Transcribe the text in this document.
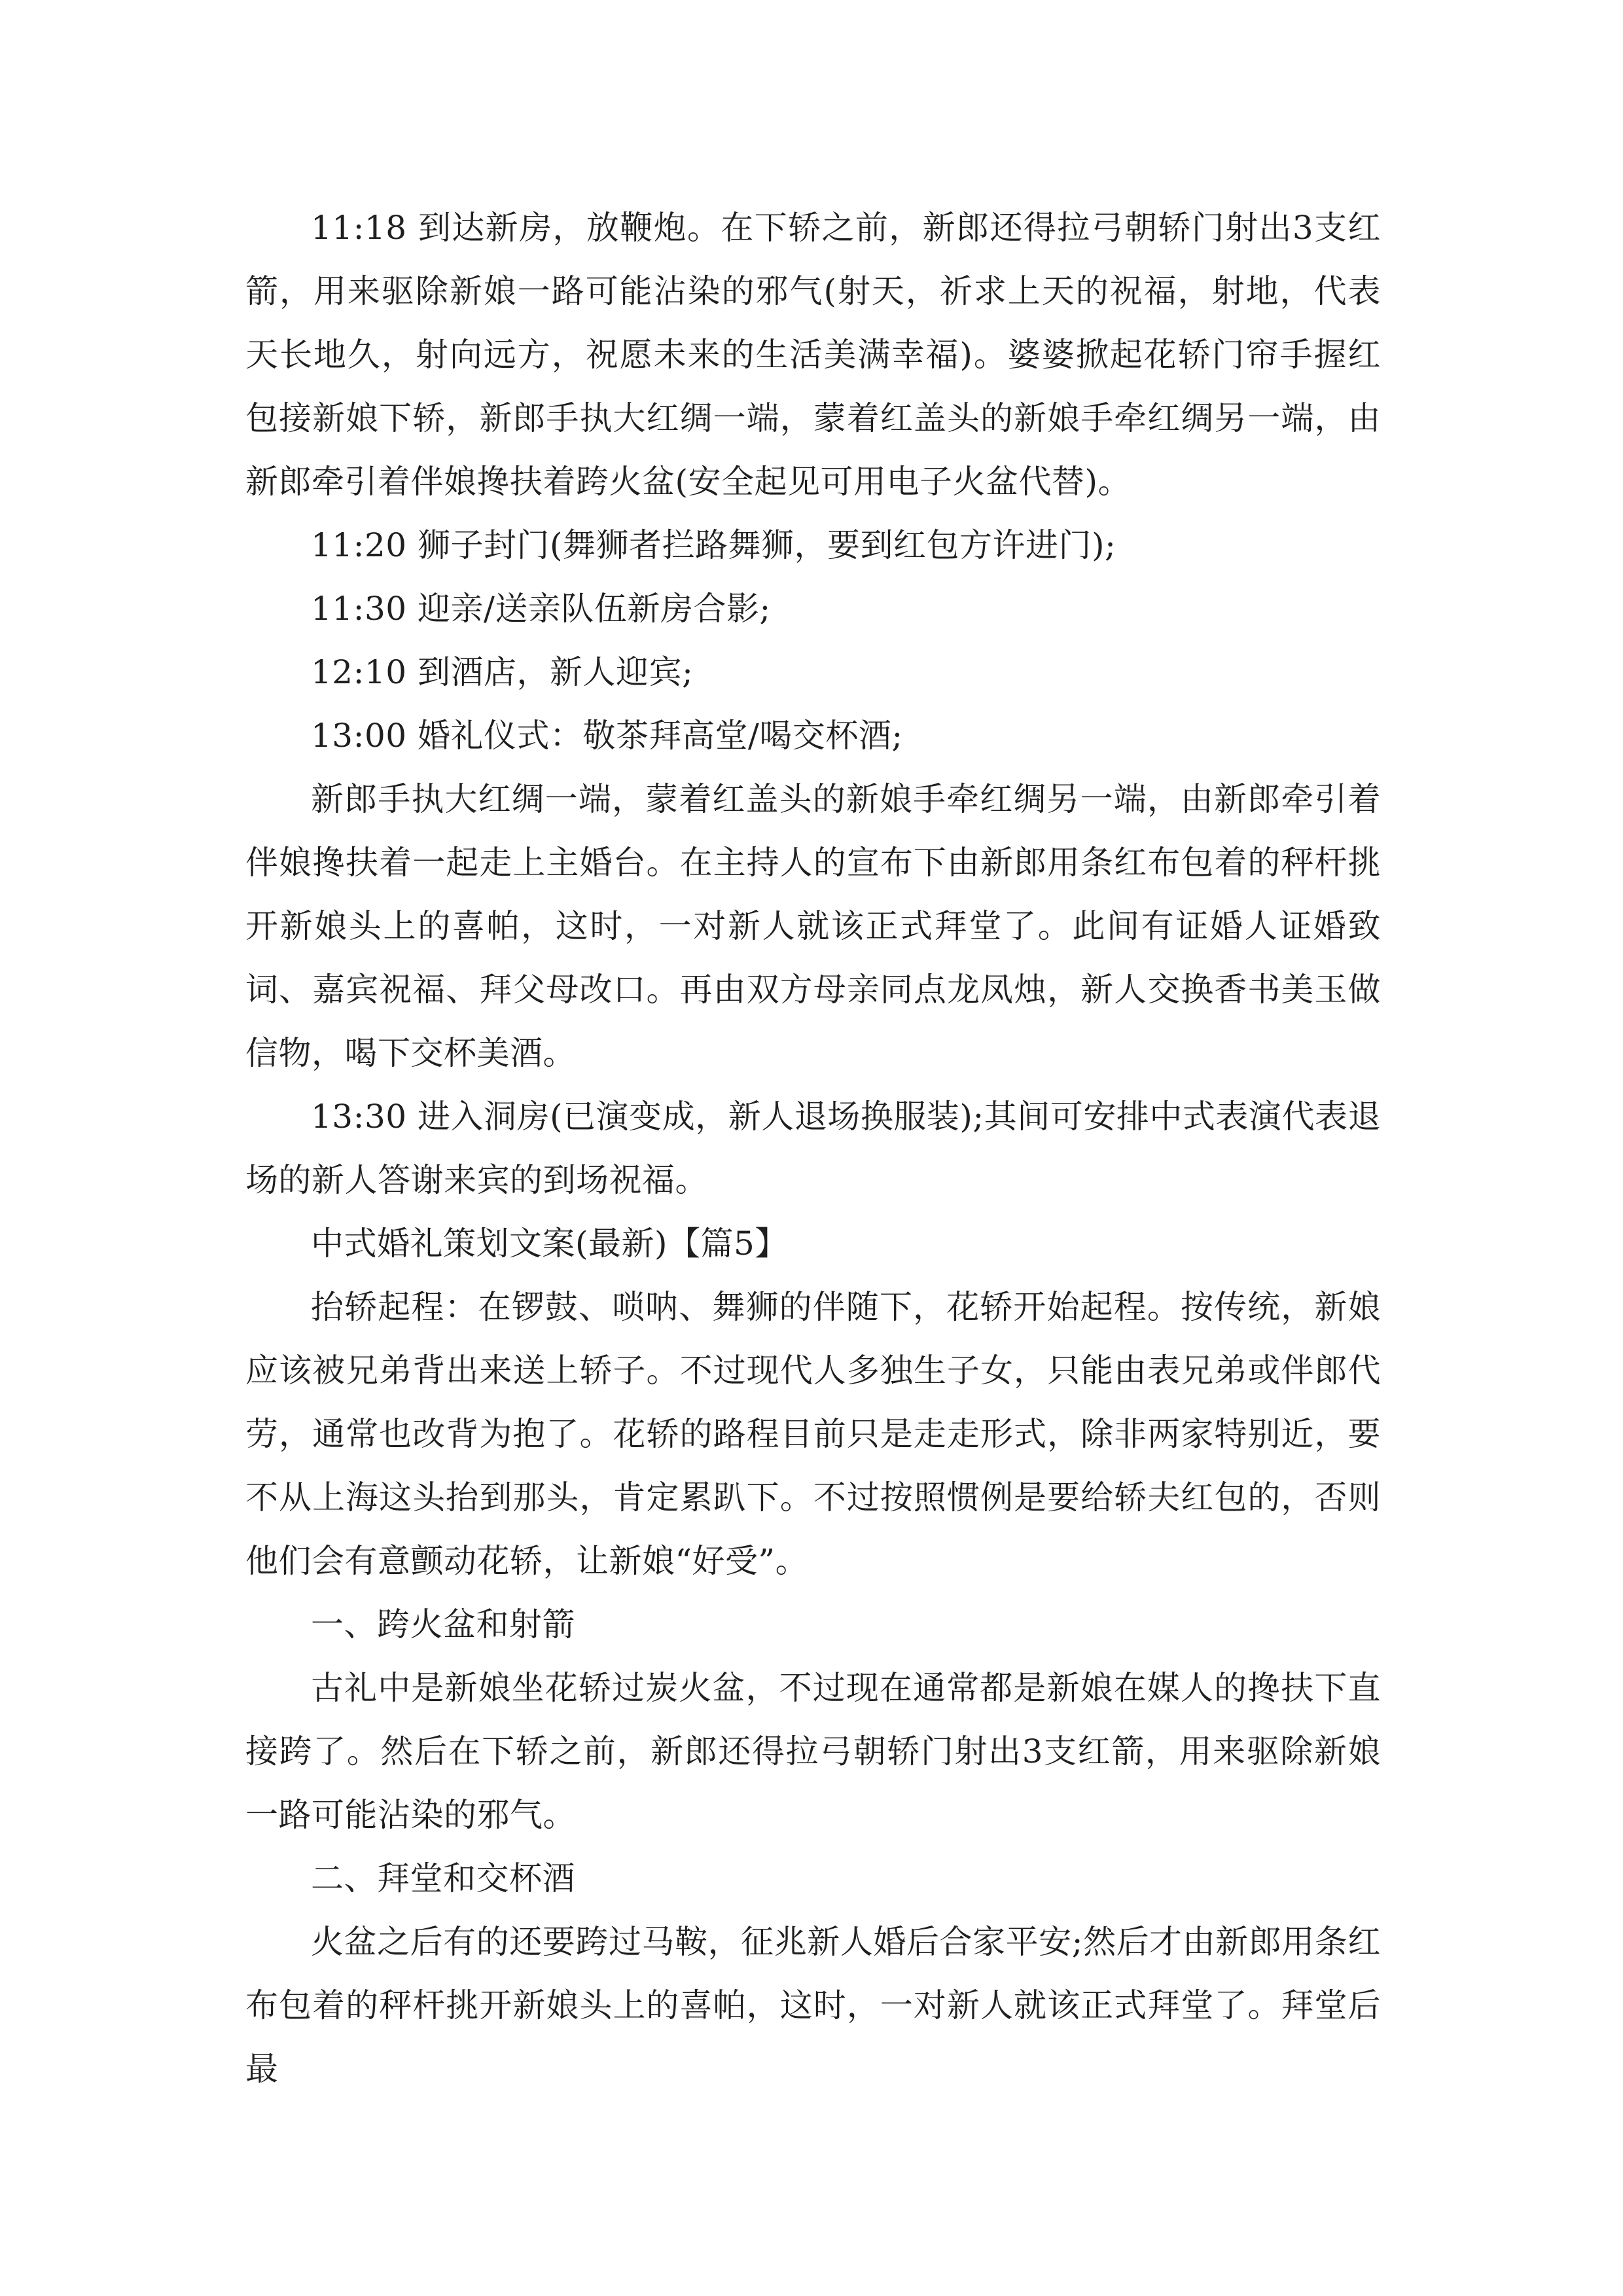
11:18 到达新房，放鞭炮。在下轿之前，新郎还得拉弓朝轿门射出3支红箭，用来驱除新娘一路可能沾染的邪气(射天，祈求上天的祝福，射地，代表天长地久，射向远方，祝愿未来的生活美满幸福)。婆婆掀起花轿门帘手握红包接新娘下轿，新郎手执大红绸一端，蒙着红盖头的新娘手牵红绸另一端，由新郎牵引着伴娘搀扶着跨火盆(安全起见可用电子火盆代替)。

11:20 狮子封门(舞狮者拦路舞狮，要到红包方许进门);

11:30 迎亲/送亲队伍新房合影;

12:10 到酒店，新人迎宾;

13:00 婚礼仪式：敬茶拜高堂/喝交杯酒;

新郎手执大红绸一端，蒙着红盖头的新娘手牵红绸另一端，由新郎牵引着伴娘搀扶着一起走上主婚台。在主持人的宣布下由新郎用条红布包着的秤杆挑开新娘头上的喜帕，这时，一对新人就该正式拜堂了。此间有证婚人证婚致词、嘉宾祝福、拜父母改口。再由双方母亲同点龙凤烛，新人交换香书美玉做信物，喝下交杯美酒。

13:30 进入洞房(已演变成，新人退场换服装);其间可安排中式表演代表退场的新人答谢来宾的到场祝福。

中式婚礼策划文案(最新)【篇5】

抬轿起程：在锣鼓、唢呐、舞狮的伴随下，花轿开始起程。按传统，新娘应该被兄弟背出来送上轿子。不过现代人多独生子女，只能由表兄弟或伴郎代劳，通常也改背为抱了。花轿的路程目前只是走走形式，除非两家特别近，要不从上海这头抬到那头，肯定累趴下。不过按照惯例是要给轿夫红包的，否则他们会有意颤动花轿，让新娘“好受”。

一、跨火盆和射箭

古礼中是新娘坐花轿过炭火盆，不过现在通常都是新娘在媒人的搀扶下直接跨了。然后在下轿之前，新郎还得拉弓朝轿门射出3支红箭，用来驱除新娘一路可能沾染的邪气。

二、拜堂和交杯酒

火盆之后有的还要跨过马鞍，征兆新人婚后合家平安;然后才由新郎用条红布包着的秤杆挑开新娘头上的喜帕，这时，一对新人就该正式拜堂了。拜堂后最
